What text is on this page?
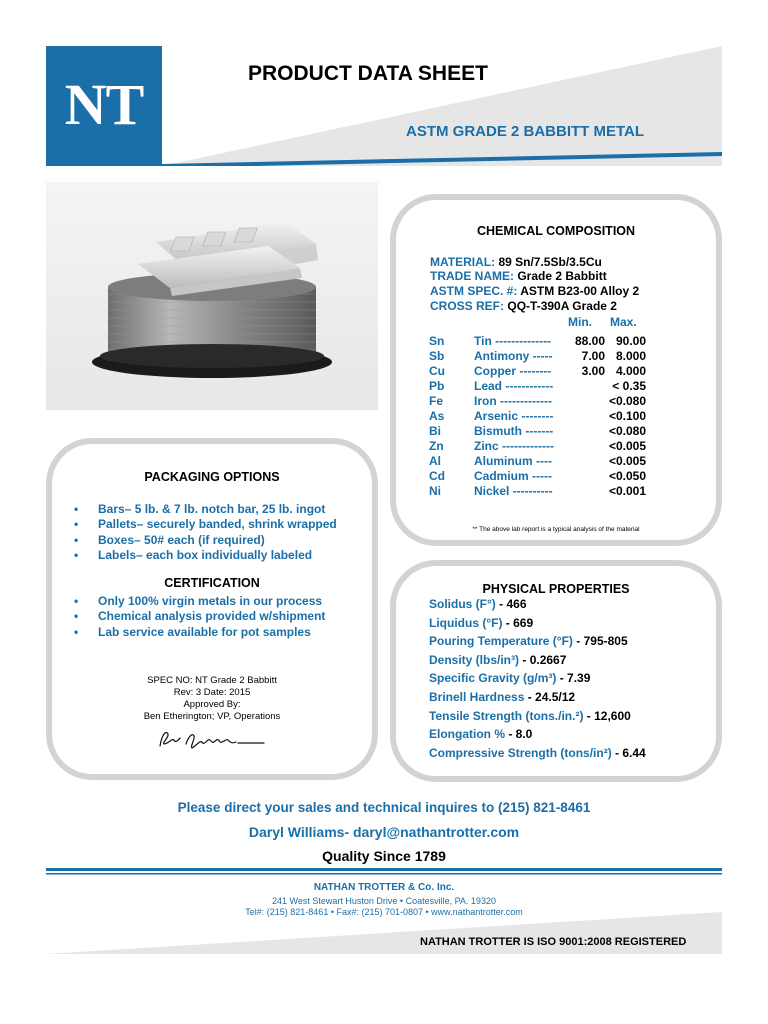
NT	PRODUCT DATA SHEET
ASTM GRADE 2 BABBITT METAL
CHEMICAL COMPOSITION
MATERIAL: 89 Sn/7.5Sb/3.5Cu
TRADE NAME: Grade 2 Babbitt
ASTM SPEC. #: ASTM B23-00 Alloy 2
CROSS REF: QQ-T-390A Grade 2
Min. Max.
Sn Tin --------------	88.00 90.00
Sb Antimony -----	7.00 8.000
Cu Copper --------	3.00 4.000
Pb Lead ------------	< 0.35
Fe	Iron -------------	<0.080
As Arsenic --------	<0.100
Bi	Bismuth -------	<0.080
Zn	Zinc -------------	<0.005
Al	Aluminum ----	<0.005
Cd Cadmium -----	<0.050
Ni	Nickel ----------	<0.001
** The above lab report is a typical analysis of the material
PACKAGING OPTIONS
CERTIFICATION
• Bars– 5 lb. & 7 lb. notch bar, 25 lb. ingot
• Pallets– securely banded, shrink wrapped
• Boxes– 50# each (if required)
• Labels– each box individually labeled
• Only 100% virgin metals in our process
• Chemical analysis provided w/shipment
• Lab service available for pot samples
SPEC NO: NT Grade 2 Babbitt
Rev: 3 Date: 2015
Approved By:
Ben Etherington; VP, Operations
PHYSICAL PROPERTIES
Solidus (F°) - 466
Liquidus (°F) - 669
Pouring Temperature (°F) - 795-805
Density (lbs/in³) - 0.2667
Specific Gravity (g/m³) - 7.39
Brinell Hardness - 24.5/12
Tensile Strength (tons./in.²) - 12,600
Elongation % - 8.0
Compressive Strength (tons/in²) - 6.44
Please direct your sales and technical inquires to (215) 821-8461
Daryl Williams- daryl@nathantrotter.com
Quality Since 1789
NATHAN TROTTER & Co. Inc.
241 West Stewart Huston Drive • Coatesville, PA. 19320
Tel#: (215) 821-8461 • Fax#: (215) 701-0807 • www.nathantrotter.com
NATHAN TROTTER IS ISO 9001:2008 REGISTERED
